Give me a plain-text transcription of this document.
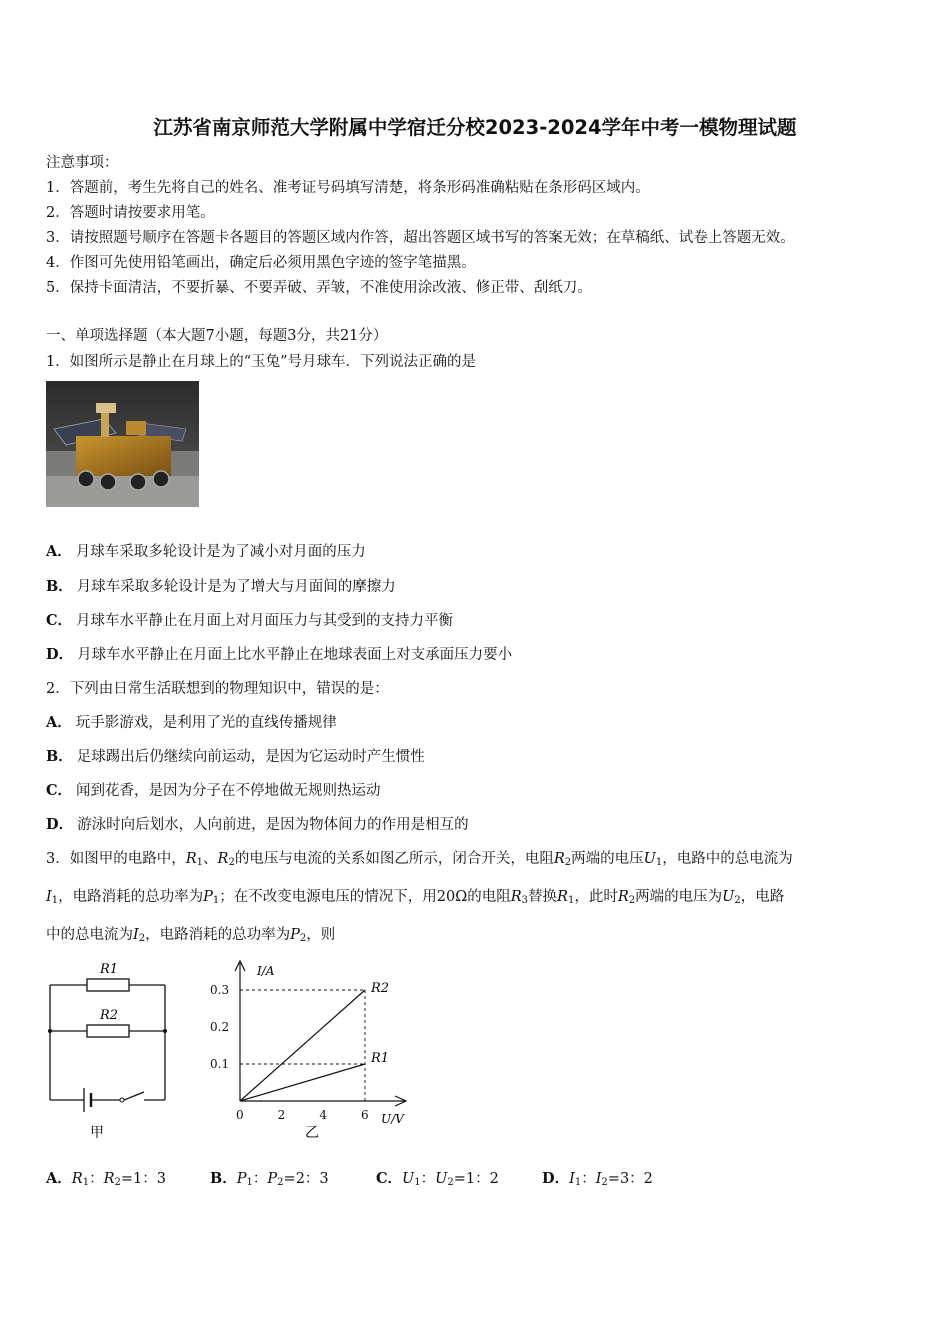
江苏省南京师范大学附属中学宿迁分校2023-2024学年中考一模物理试题
注意事项：
1．答题前，考生先将自己的姓名、准考证号码填写清楚，将条形码准确粘贴在条形码区域内。
2．答题时请按要求用笔。
3．请按照题号顺序在答题卡各题目的答题区域内作答，超出答题区域书写的答案无效；在草稿纸、试卷上答题无效。
4．作图可先使用铅笔画出，确定后必须用黑色字迹的签字笔描黑。
5．保持卡面清洁，不要折暴、不要弄破、弄皱，不准使用涂改液、修正带、刮纸刀。
一、单项选择题（本大题7小题，每题3分，共21分）
1．如图所示是静止在月球上的“玉兔”号月球车．下列说法正确的是
A． 月球车采取多轮设计是为了减小对月面的压力
B． 月球车采取多轮设计是为了增大与月面间的摩擦力
C． 月球车水平静止在月面上对月面压力与其受到的支持力平衡
D． 月球车水平静止在月面上比水平静止在地球表面上对支承面压力要小
2．下列由日常生活联想到的物理知识中，错误的是：
A． 玩手影游戏，是利用了光的直线传播规律
B． 足球踢出后仍继续向前运动，是因为它运动时产生惯性
C． 闻到花香，是因为分子在不停地做无规则热运动
D． 游泳时向后划水，人向前进，是因为物体间力的作用是相互的
3．如图甲的电路中，$R_1$、$R_2$的电压与电流的关系如图乙所示，闭合开关，电阻$R_2$两端的电压$U_1$，电路中的总电流为
$I_1$，电路消耗的总功率为$P_1$；在不改变电源电压的情况下，用20Ω的电阻$R_3$替换$R_1$，此时$R_2$两端的电压为$U_2$，电路
中的总电流为$I_2$，电路消耗的总功率为$P_2$，则
R1
R2
甲
0.3
0.2
0.1
0	2	4	6
I/A
U/V
R2
R1
乙
A．$R_1$：$R_2=1$：3	B．$P_1$：$P_2=2$：3	C．$U_1$：$U_2=1$：2	D．$I_1$：$I_2=3$：2
